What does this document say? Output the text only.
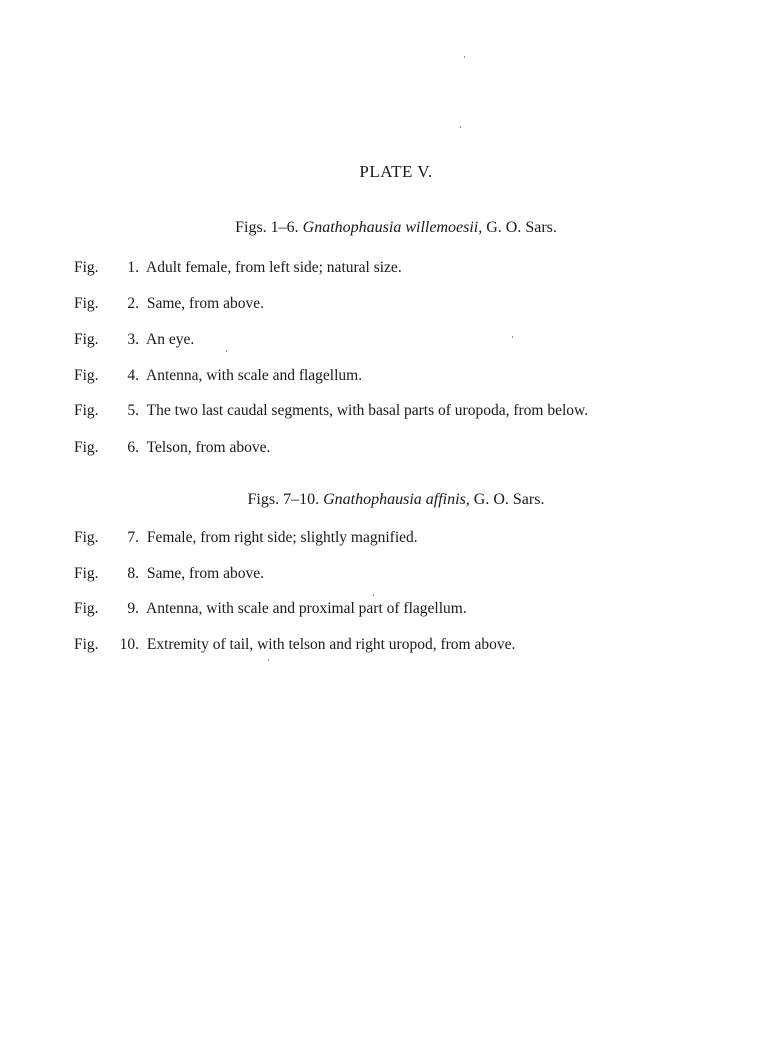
PLATE V.
Figs. 1–6. Gnathophausia willemoesii, G. O. Sars.
Fig. 1. Adult female, from left side; natural size.
Fig. 2. Same, from above.
Fig. 3. An eye.
Fig. 4. Antenna, with scale and flagellum.
Fig. 5. The two last caudal segments, with basal parts of uropoda, from below.
Fig. 6. Telson, from above.
Figs. 7–10. Gnathophausia affinis, G. O. Sars.
Fig. 7. Female, from right side; slightly magnified.
Fig. 8. Same, from above.
Fig. 9. Antenna, with scale and proximal part of flagellum.
Fig. 10. Extremity of tail, with telson and right uropod, from above.
